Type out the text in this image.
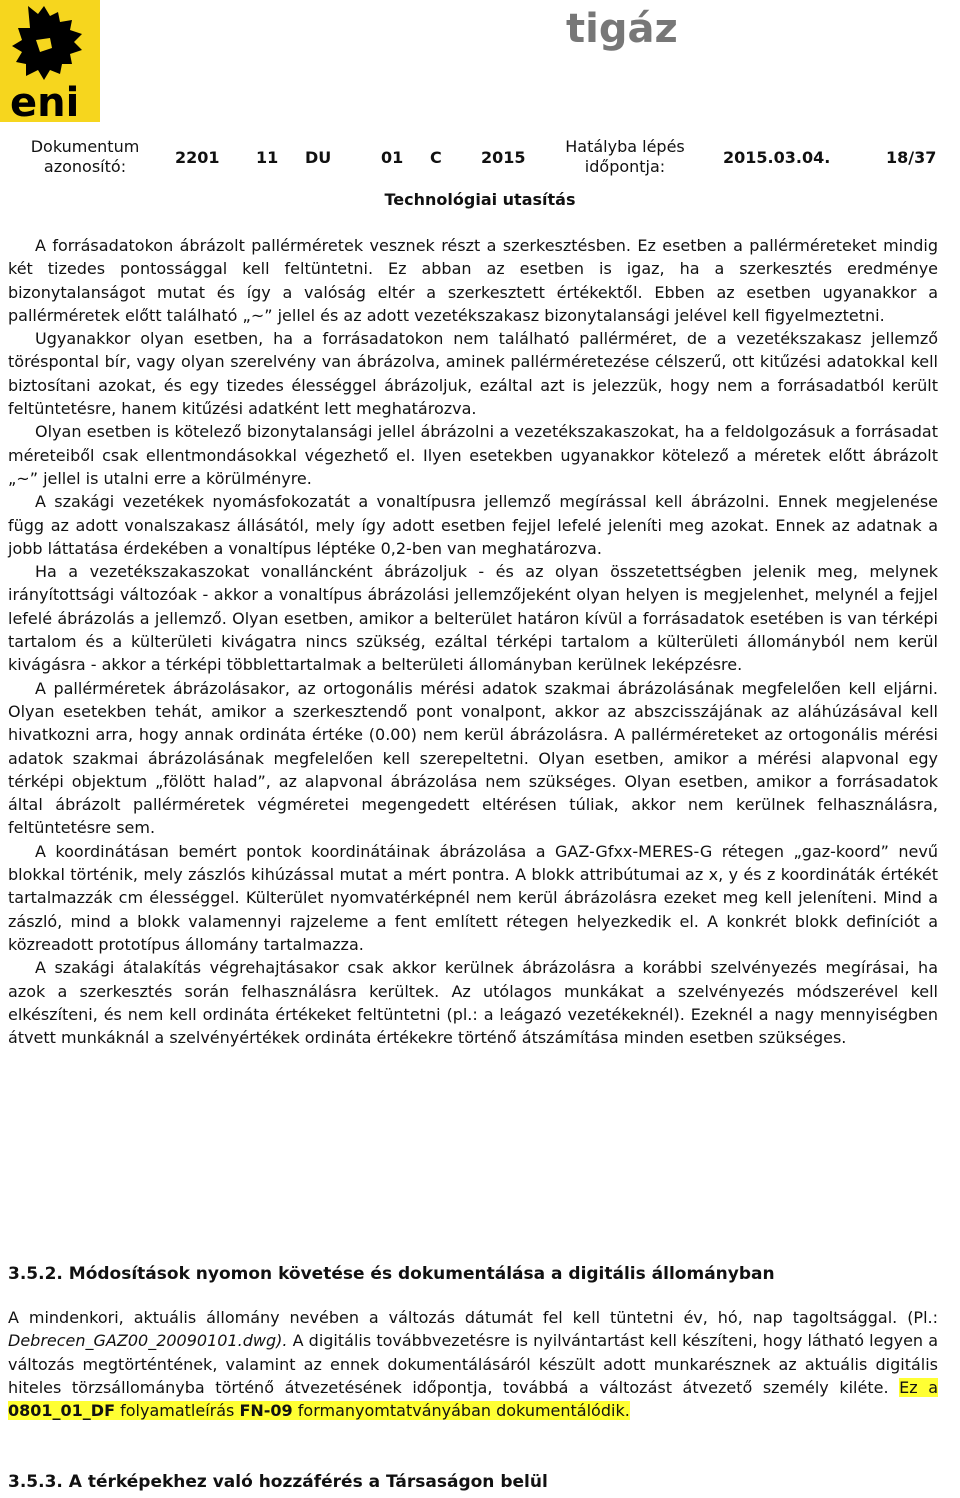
eni
tigáz
Dokumentum
azonosító:	2201 11 DU	01 C 2015
Hatályba lépés
időpontja:	2015.03.04.	18/37
Technológiai utasítás

A forrásadatokon ábrázolt pallérméretek vesznek részt a szerkesztésben. Ez esetben a pallérméreteket mindig két tizedes pontossággal kell feltüntetni. Ez abban az esetben is igaz, ha a szerkesztés eredménye bizonytalanságot mutat és így a valóság eltér a szerkesztett értékektől. Ebben az esetben ugyanakkor a pallérméretek előtt található „~” jellel és az adott vezetékszakasz bizonytalansági jelével kell figyelmeztetni.

Ugyanakkor olyan esetben, ha a forrásadatokon nem található pallérméret, de a vezetékszakasz jellemző töréspontal bír, vagy olyan szerelvény van ábrázolva, aminek pallérméretezése célszerű, ott kitűzési adatokkal kell biztosítani azokat, és egy tizedes élességgel ábrázoljuk, ezáltal azt is jelezzük, hogy nem a forrásadatból került feltüntetésre, hanem kitűzési adatként lett meghatározva.

Olyan esetben is kötelező bizonytalansági jellel ábrázolni a vezetékszakaszokat, ha a feldolgozásuk a forrásadat méreteiből csak ellentmondásokkal végezhető el. Ilyen esetekben ugyanakkor kötelező a méretek előtt ábrázolt „~” jellel is utalni erre a körülményre.

A szakági vezetékek nyomásfokozatát a vonaltípusra jellemző megírással kell ábrázolni. Ennek megjelenése függ az adott vonalszakasz állásától, mely így adott esetben fejjel lefelé jeleníti meg azokat. Ennek az adatnak a jobb láttatása érdekében a vonaltípus léptéke 0,2-ben van meghatározva.

Ha a vezetékszakaszokat vonalláncként ábrázoljuk - és az olyan összetettségben jelenik meg, melynek irányítottsági változóak - akkor a vonaltípus ábrázolási jellemzőjeként olyan helyen is megjelenhet, melynél a fejjel lefelé ábrázolás a jellemző. Olyan esetben, amikor a belterület határon kívül a forrásadatok esetében is van térképi tartalom és a külterületi kivágatra nincs szükség, ezáltal térképi tartalom a külterületi állományból nem kerül kivágásra - akkor a térképi többlettartalmak a belterületi állományban kerülnek leképzésre.

A pallérméretek ábrázolásakor, az ortogonális mérési adatok szakmai ábrázolásának megfelelően kell eljárni. Olyan esetekben tehát, amikor a szerkesztendő pont vonalpont, akkor az abszcisszájának az aláhúzásával kell hivatkozni arra, hogy annak ordináta értéke (0.00) nem kerül ábrázolásra. A pallérméreteket az ortogonális mérési adatok szakmai ábrázolásának megfelelően kell szerepeltetni. Olyan esetben, amikor a mérési alapvonal egy térképi objektum „fölött halad”, az alapvonal ábrázolása nem szükséges. Olyan esetben, amikor a forrásadatok által ábrázolt pallérméretek végméretei megengedett eltérésen túliak, akkor nem kerülnek felhasználásra, feltüntetésre sem.

A koordinátásan bemért pontok koordinátáinak ábrázolása a GAZ-Gfxx-MERES-G rétegen „gaz-koord” nevű blokkal történik, mely zászlós kihúzással mutat a mért pontra. A blokk attribútumai az x, y és z koordináták értékét tartalmazzák cm élességgel. Külterület nyomvatérképnél nem kerül ábrázolásra ezeket meg kell jeleníteni. Mind a zászló, mind a blokk valamennyi rajzeleme a fent említett rétegen helyezkedik el. A konkrét blokk definíciót a közreadott prototípus állomány tartalmazza.

A szakági átalakítás végrehajtásakor csak akkor kerülnek ábrázolásra a korábbi szelvényezés megírásai, ha azok a szerkesztés során felhasználásra kerültek. Az utólagos munkákat a szelvényezés módszerével kell elkészíteni, és nem kell ordináta értékeket feltüntetni (pl.: a leágazó vezetékeknél). Ezeknél a nagy mennyiségben átvett munkáknál a szelvényértékek ordináta értékekre történő átszámítása minden esetben szükséges.

3.5.2. Módosítások nyomon követése és dokumentálása a digitális állományban

A mindenkori, aktuális állomány nevében a változás dátumát fel kell tüntetni év, hó, nap tagoltsággal. (Pl.: Debrecen_GAZ00_20090101.dwg). A digitális továbbvezetésre is nyilvántartást kell készíteni, hogy látható legyen a változás megtörténtének, valamint az ennek dokumentálásáról készült adott munkarésznek az aktuális digitális hiteles törzsállományba történő átvezetésének időpontja, továbbá a változást átvezető személy kiléte. Ez a 0801_01_DF folyamatleírás FN-09 formanyomtatványában dokumentálódik.

3.5.3. A térképekhez való hozzáférés a Társaságon belül
